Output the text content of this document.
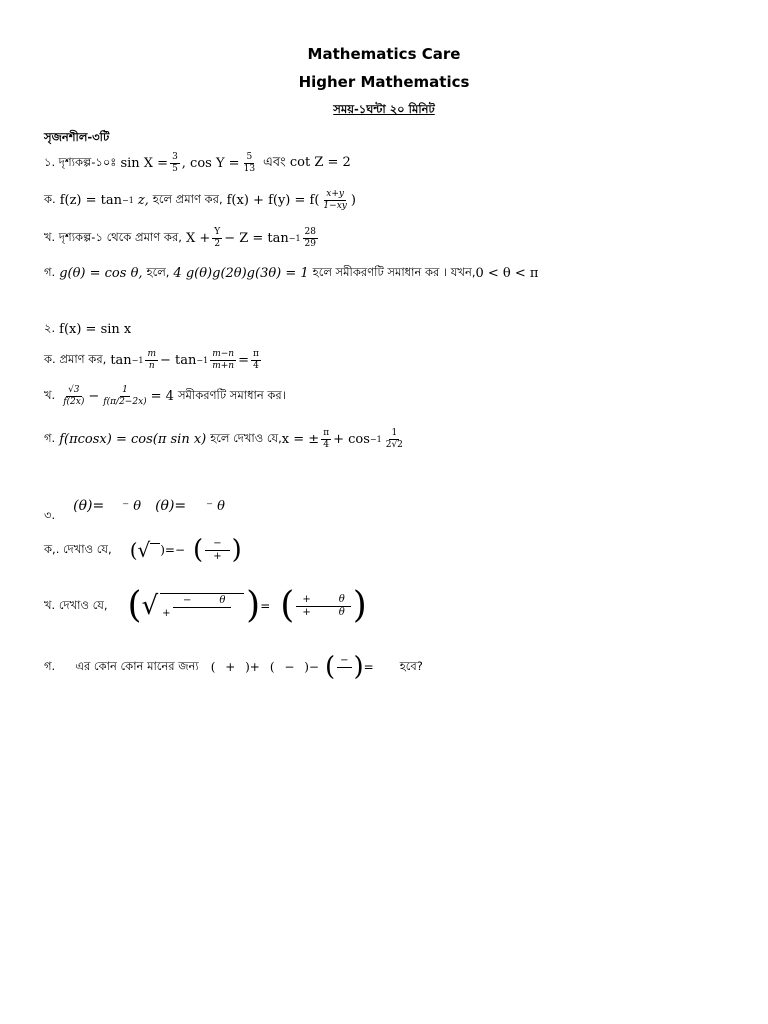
Mathematics Care
Higher Mathematics
সময়-১ঘন্টা ২০ মিনিট
সৃজনশীল-৩টি
১. দৃশ্যকল্প-১০ঃ $\sin X = \frac{3}{5}$ , $\cos Y = \frac{5}{13}$ এবং cot Z = 2
ক. f(z) = tan −1 z, হলে প্রমাণ কর, $f(x) + f(y) = f( \frac{x+y}{1-xy}$ )
খ. দৃশ্যকল্প-১ থেকে প্রমাণ কর, $X + \frac{Y}{2} - Z = \tan -1 \frac{28}{29}$
গ. g(θ) = cos θ, হলে, 4 g(θ)g(2θ)g(3θ) = 1 হলে সমীকরণটি সমাধান কর । যখন, 0 < θ < π
২. f(x) = sin x
ক. প্রমাণ কর, $\tan -1 \frac{m}{n} - \tan -1 \frac{m-n}{m+n} = \frac{\pi}{4}$
খ. $\frac{√3}{f(2x)} - \frac{1}{f(\pi/2-2x)} = 4$ সমীকরণটি সমাধান কর।
গ. f(πcosx) = cos(π sin x) হলে দেখাও যে, x = ± $\frac{\pi}{4} + \cos -1 \frac{1}{2√2}$
৩.
(θ)= ⁻ θ (θ)= ⁻ θ
ক,. দেখাও যে, ( √
)=− ( $\frac{-}{+}$ )
খ. দেখাও যে, ( √ −	θ
+ ) = ( +	θ
+	θ )
গ. এর কোন কোন মানের জন্য ( + )+ ( − )− ( −
) = হবে?
